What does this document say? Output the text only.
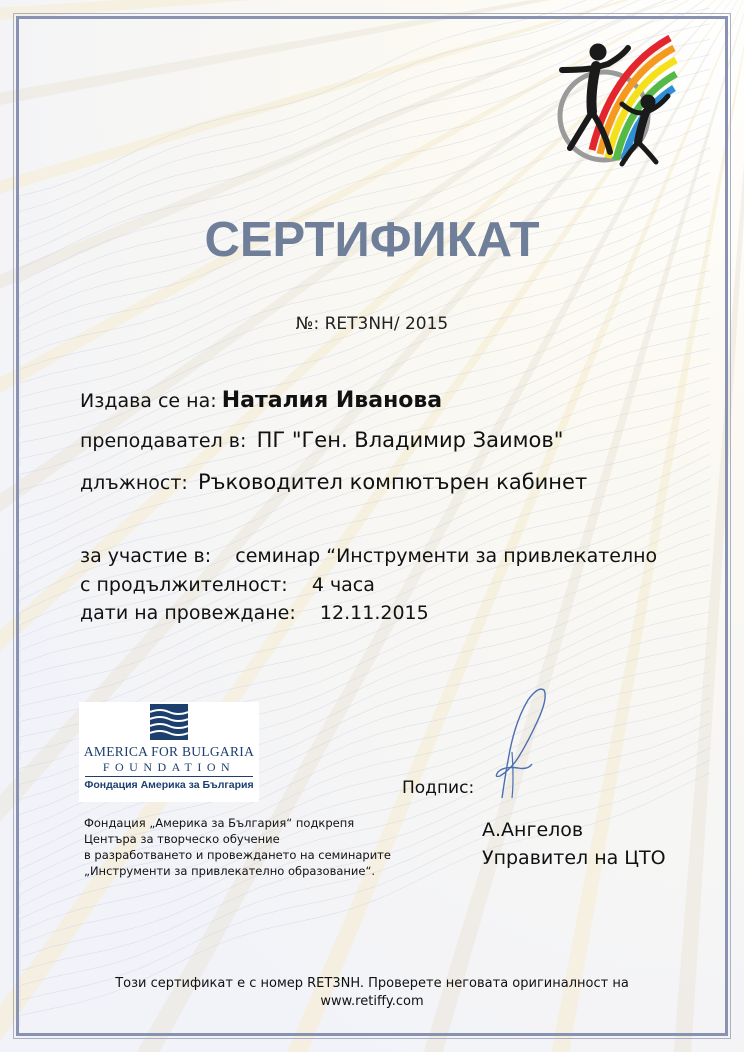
СЕРТИФИКАТ
№: RET3NH/ 2015
Издава се на: Наталия Иванова
преподавател в: ПГ "Ген. Владимир Заимов"
длъжност: Ръководител компютърен кабинет
за участие в: семинар “Инструменти за привлекателно
с продължителност: 4 часа
дати на провеждане: 12.11.2015
AMERICA FOR BULGARIA
FOUNDATION
Фондация Америка за България
Фондация „Америка за България“ подкрепя
Центъра за творческо обучение
в разработването и провеждането на семинарите
„Инструменти за привлекателно образование“.
Подпис:
А.Ангелов
Управител на ЦТО
Този сертификат е с номер RET3NH. Проверете неговата оригиналност на
www.retiffy.com
